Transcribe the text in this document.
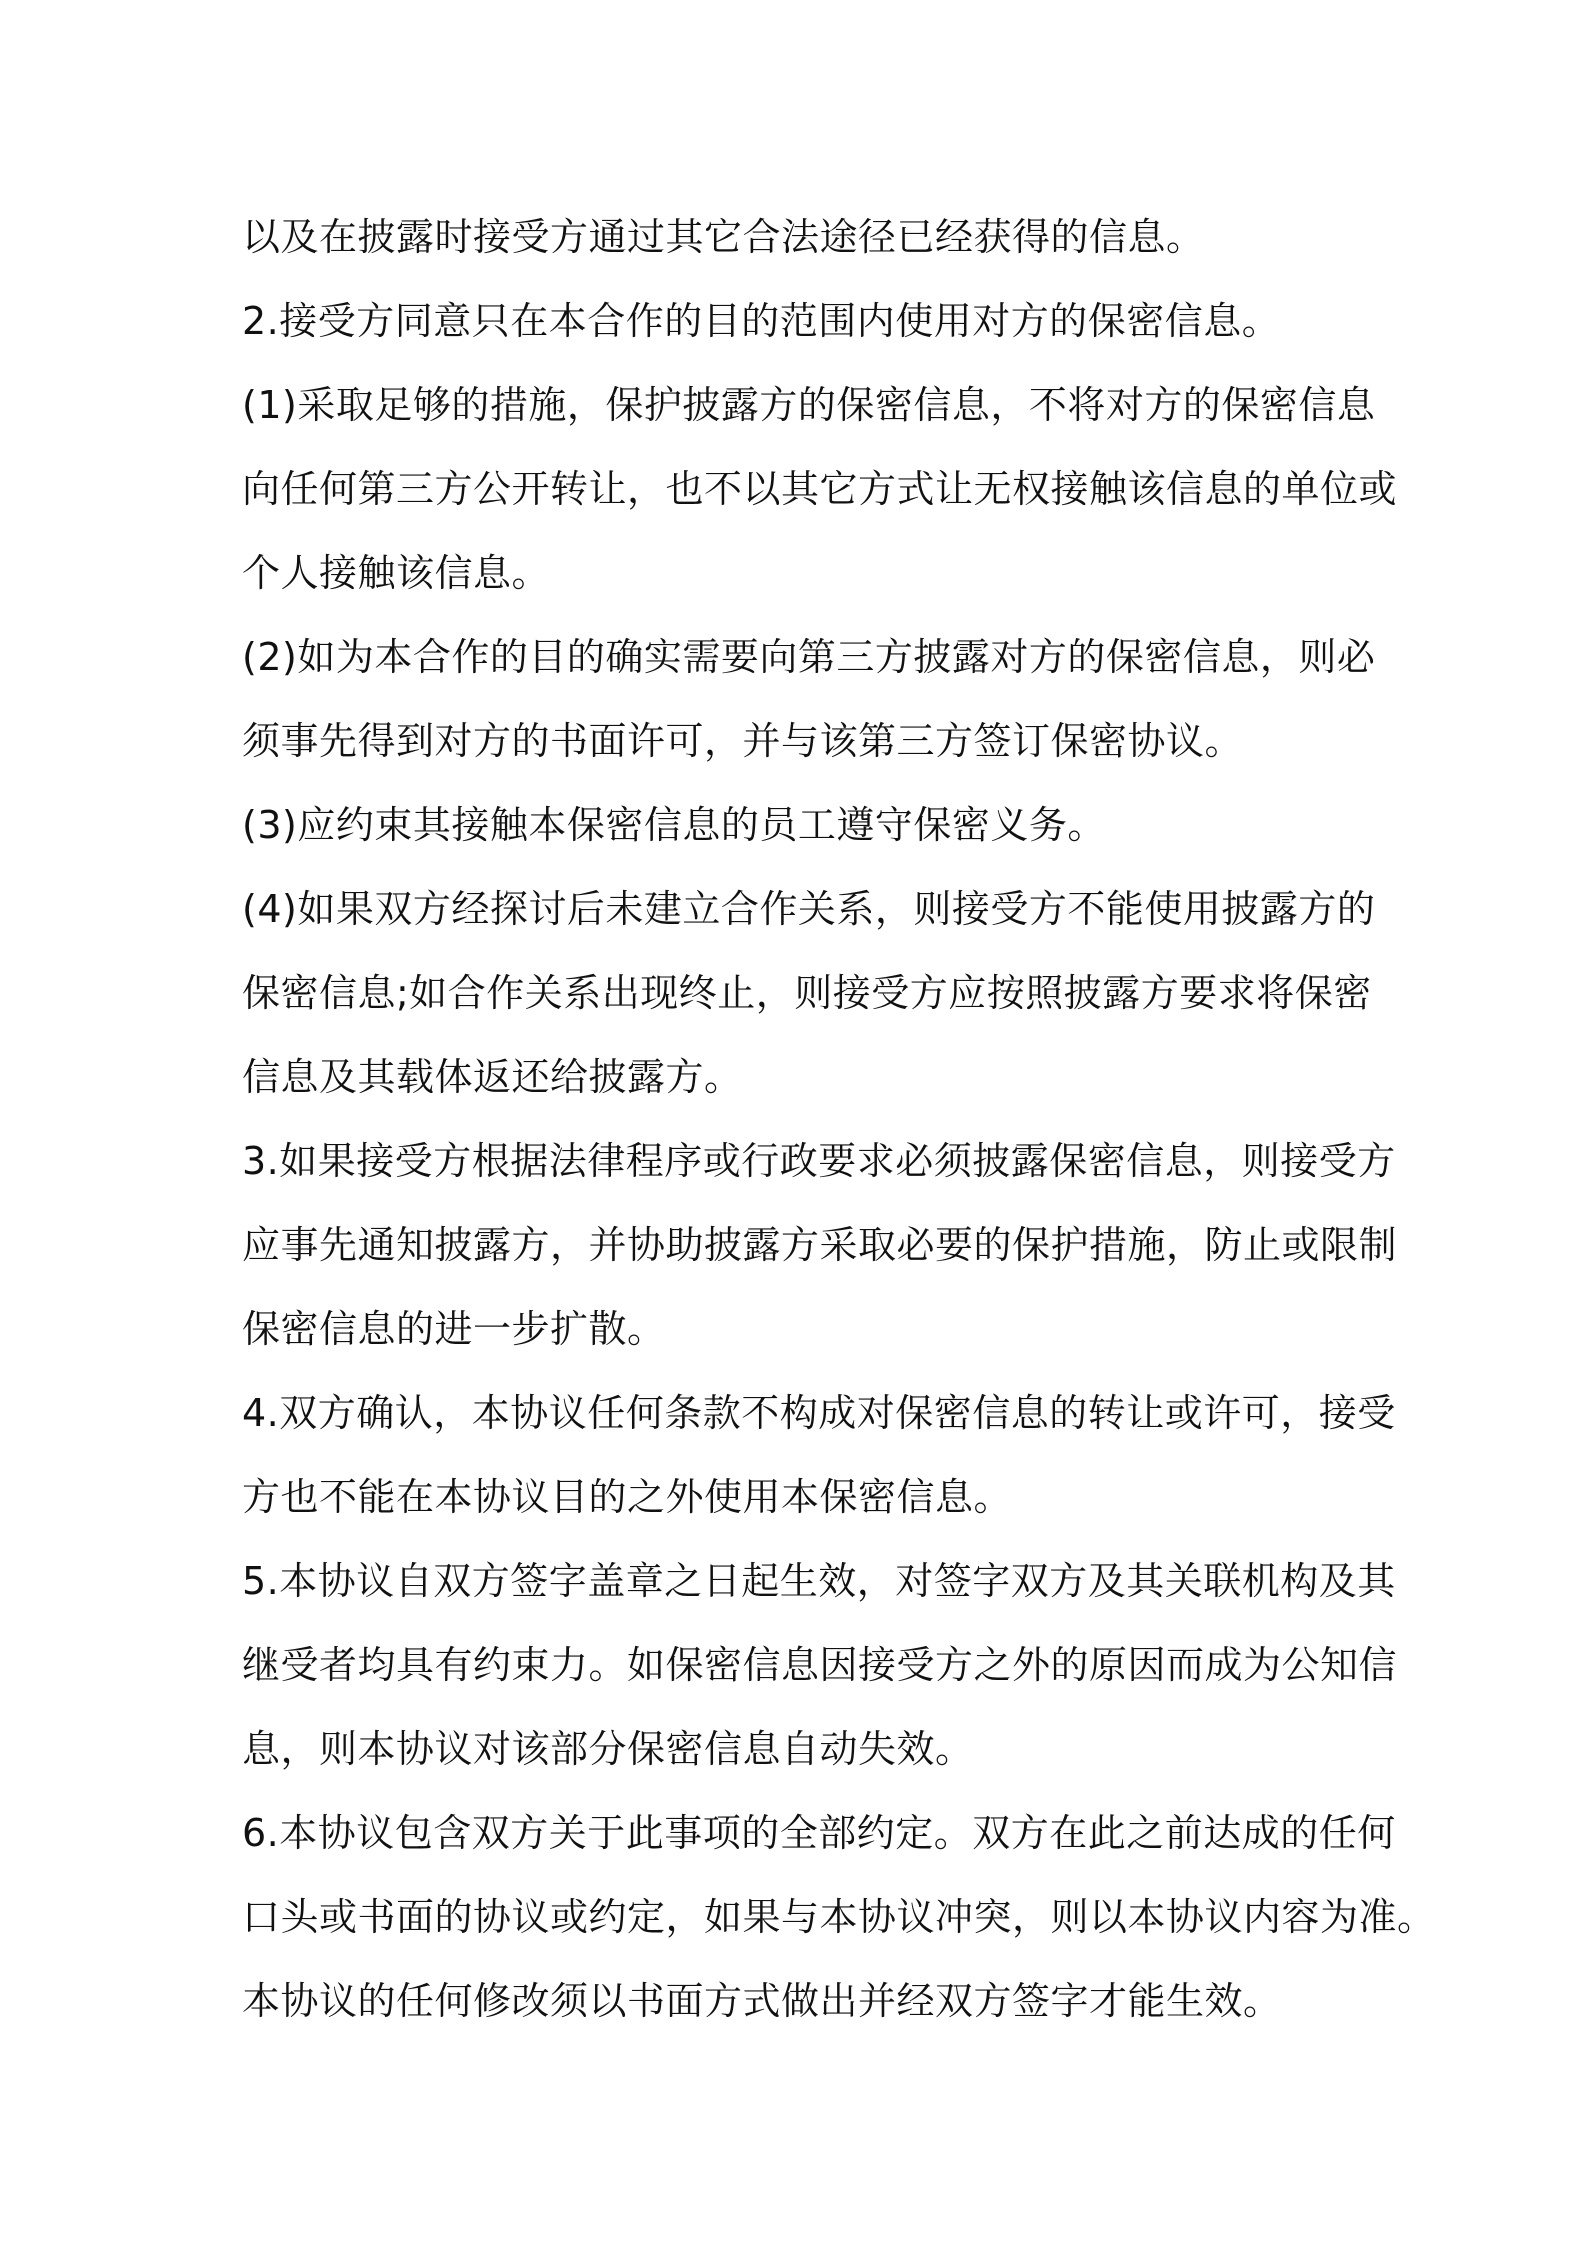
以及在披露时接受方通过其它合法途径已经获得的信息。
2.接受方同意只在本合作的目的范围内使用对方的保密信息。
(1)采取足够的措施，保护披露方的保密信息，不将对方的保密信息
向任何第三方公开转让，也不以其它方式让无权接触该信息的单位或
个人接触该信息。
(2)如为本合作的目的确实需要向第三方披露对方的保密信息，则必
须事先得到对方的书面许可，并与该第三方签订保密协议。
(3)应约束其接触本保密信息的员工遵守保密义务。
(4)如果双方经探讨后未建立合作关系，则接受方不能使用披露方的
保密信息;如合作关系出现终止，则接受方应按照披露方要求将保密
信息及其载体返还给披露方。
3.如果接受方根据法律程序或行政要求必须披露保密信息，则接受方
应事先通知披露方，并协助披露方采取必要的保护措施，防止或限制
保密信息的进一步扩散。
4.双方确认，本协议任何条款不构成对保密信息的转让或许可，接受
方也不能在本协议目的之外使用本保密信息。
5.本协议自双方签字盖章之日起生效，对签字双方及其关联机构及其
继受者均具有约束力。如保密信息因接受方之外的原因而成为公知信
息，则本协议对该部分保密信息自动失效。
6.本协议包含双方关于此事项的全部约定。双方在此之前达成的任何
口头或书面的协议或约定，如果与本协议冲突，则以本协议内容为准。
本协议的任何修改须以书面方式做出并经双方签字才能生效。
